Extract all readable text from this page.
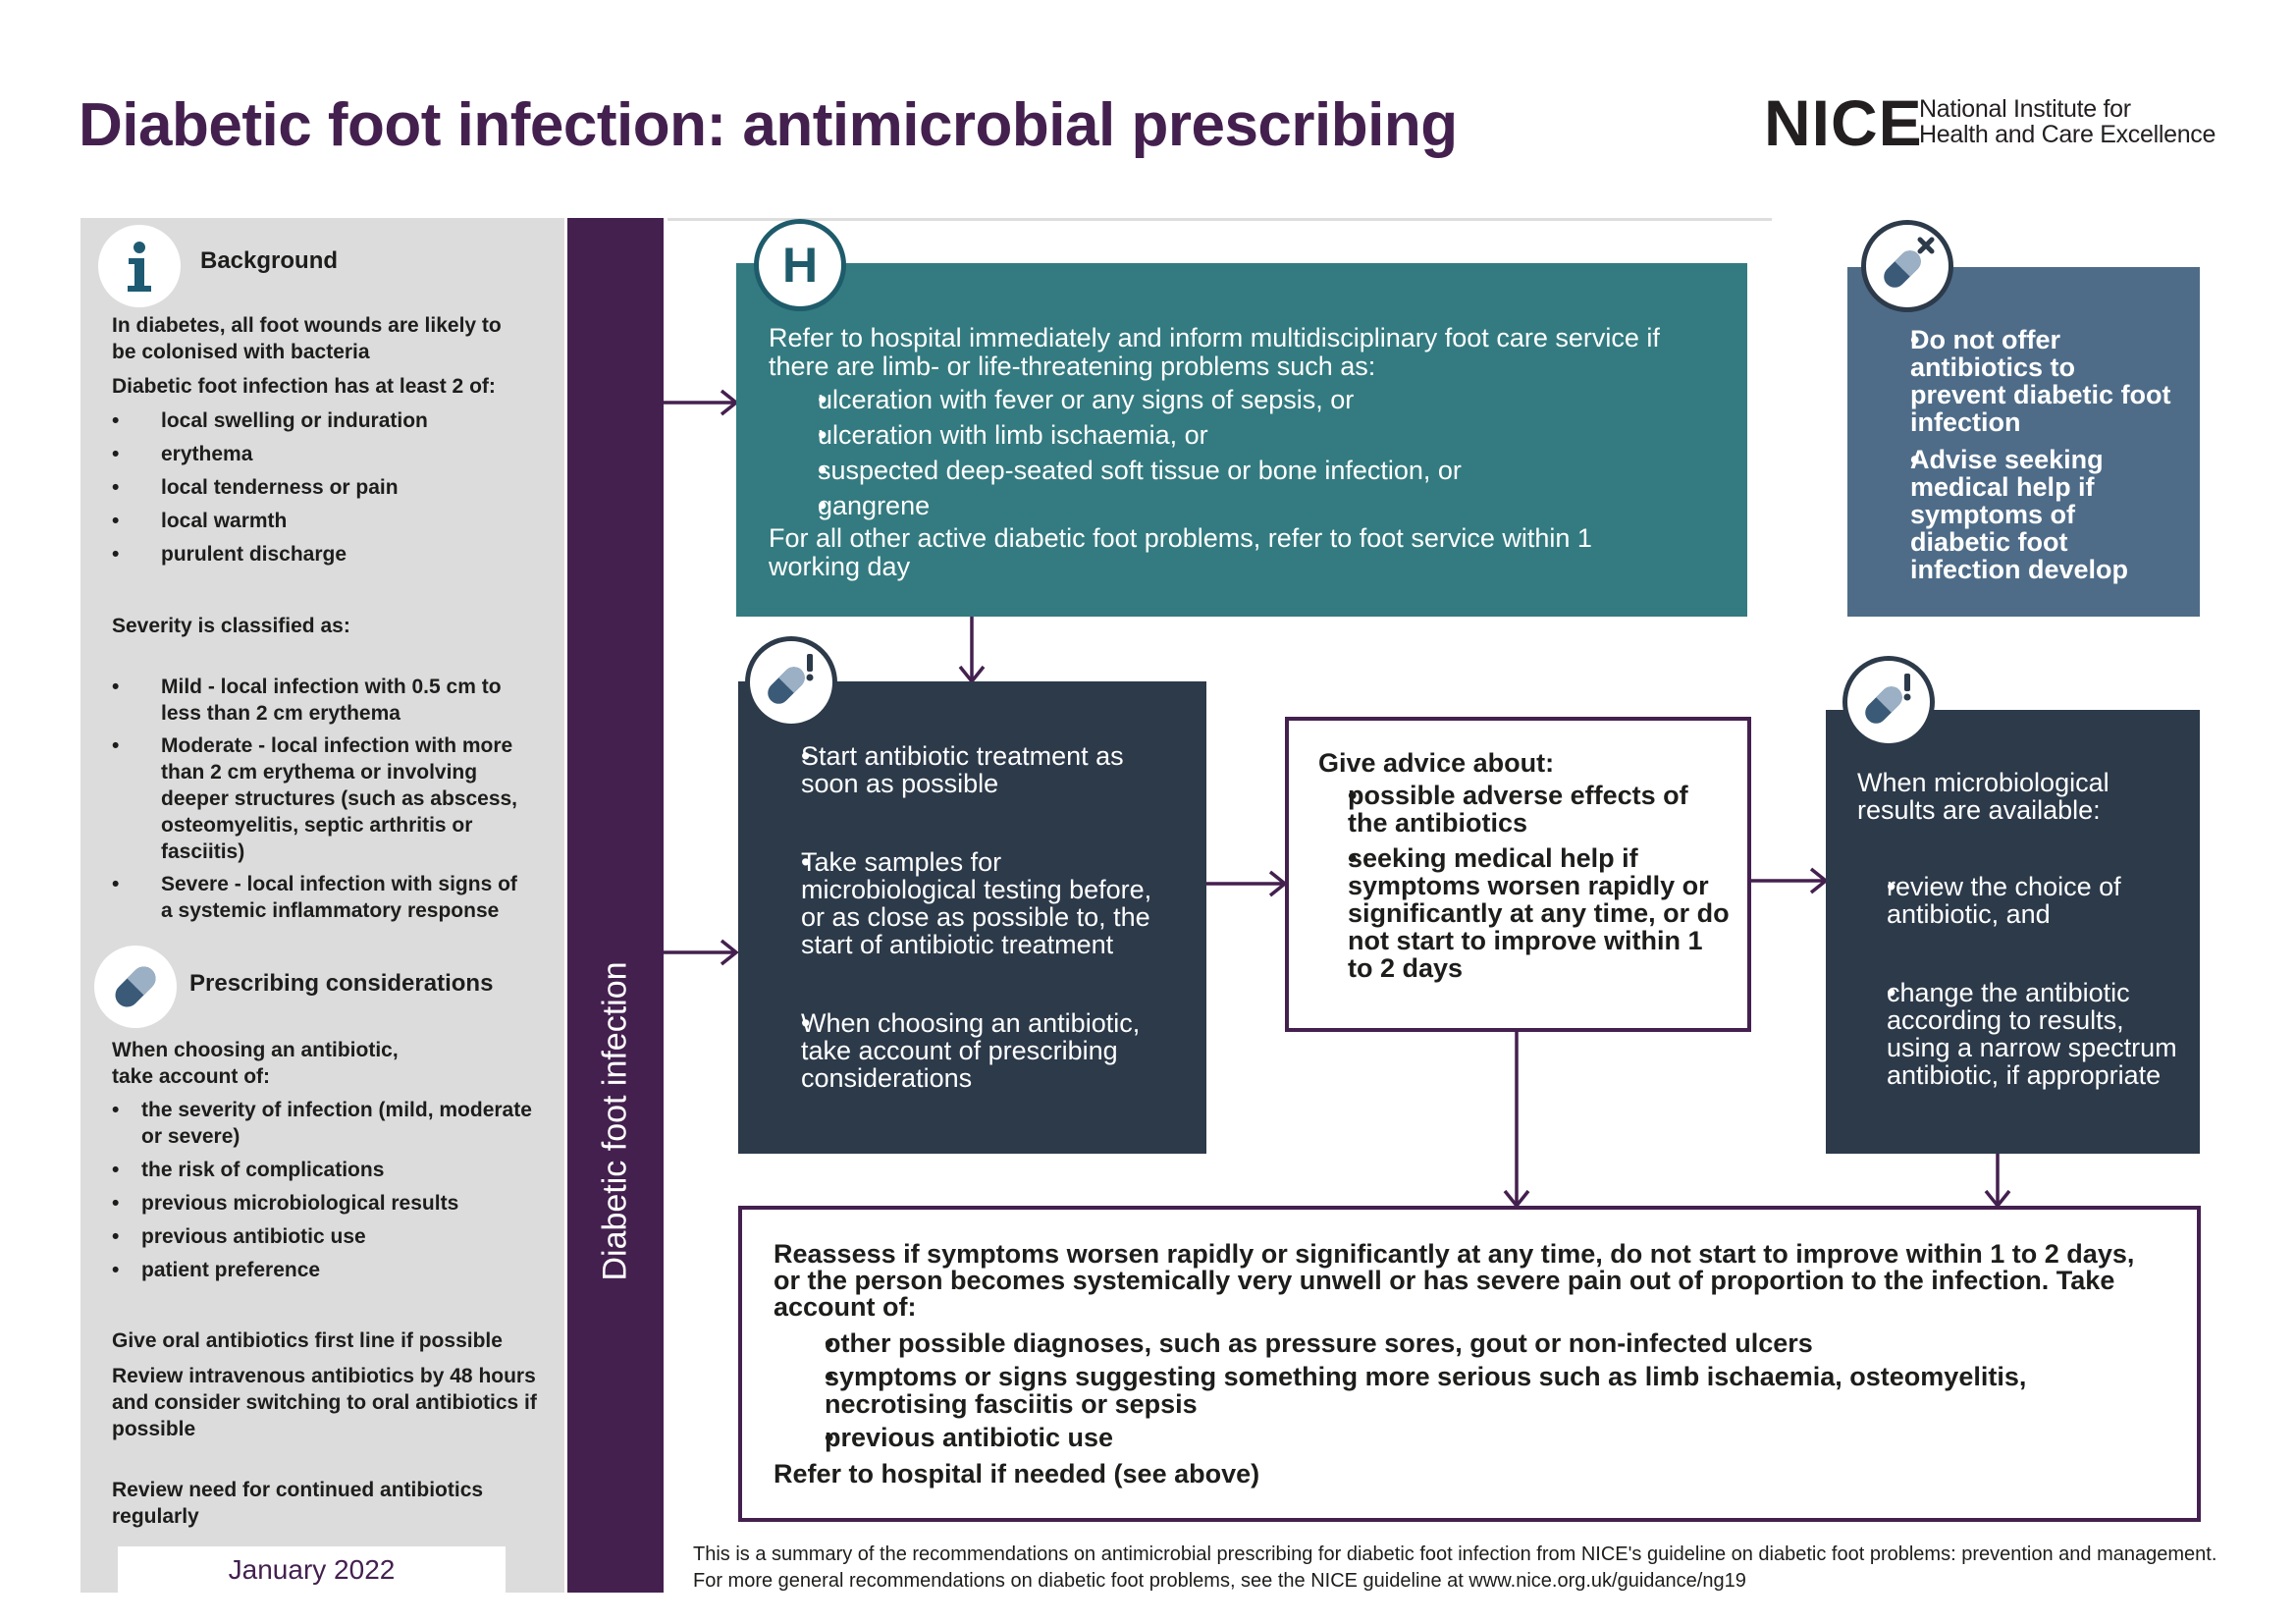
Diabetic foot infection: antimicrobial prescribing	NICE
National Institute for
Health and Care Excellence
Background
In diabetes, all foot wounds are likely to be colonised with bacteria
Diabetic foot infection has at least 2 of:
• local swelling or induration
• erythema
• local tenderness or pain
• local warmth
• purulent discharge
Severity is classified as:
• Mild - local infection with 0.5 cm to less than 2 cm erythema
• Moderate - local infection with more than 2 cm erythema or involving deeper structures (such as abscess, osteomyelitis, septic arthritis or fasciitis)
• Severe - local infection with signs of a systemic inflammatory response
Prescribing considerations
When choosing an antibiotic, take account of:
• the severity of infection (mild, moderate or severe)
• the risk of complications
• previous microbiological results
• previous antibiotic use
• patient preference
Give oral antibiotics first line if possible
Review intravenous antibiotics by 48 hours and consider switching to oral antibiotics if possible
Review need for continued antibiotics regularly
January 2022
Diabetic foot infection
Refer to hospital immediately and inform multidisciplinary foot care service if there are limb- or life-threatening problems such as:
• ulceration with fever or any signs of sepsis, or
• ulceration with limb ischaemia, or
• suspected deep-seated soft tissue or bone infection, or
• gangrene
For all other active diabetic foot problems, refer to foot service within 1 working day
H
• Do not offer antibiotics to prevent diabetic foot infection
• Advise seeking medical help if symptoms of diabetic foot infection develop
• Start antibiotic treatment as soon as possible
• Take samples for microbiological testing before, or as close as possible to, the start of antibiotic treatment
• When choosing an antibiotic, take account of prescribing considerations
Give advice about:
• possible adverse effects of the antibiotics
• seeking medical help if symptoms worsen rapidly or significantly at any time, or do not start to improve within 1 to 2 days
When microbiological results are available:
• review the choice of antibiotic, and
• change the antibiotic according to results, using a narrow spectrum antibiotic, if appropriate
Reassess if symptoms worsen rapidly or significantly at any time, do not start to improve within 1 to 2 days, or the person becomes systemically very unwell or has severe pain out of proportion to the infection. Take account of:
• other possible diagnoses, such as pressure sores, gout or non-infected ulcers
• symptoms or signs suggesting something more serious such as limb ischaemia, osteomyelitis, necrotising fasciitis or sepsis
• previous antibiotic use
Refer to hospital if needed (see above)
This is a summary of the recommendations on antimicrobial prescribing for diabetic foot infection from NICE's guideline on diabetic foot problems: prevention and management. For more general recommendations on diabetic foot problems, see the NICE guideline at www.nice.org.uk/guidance/ng19
